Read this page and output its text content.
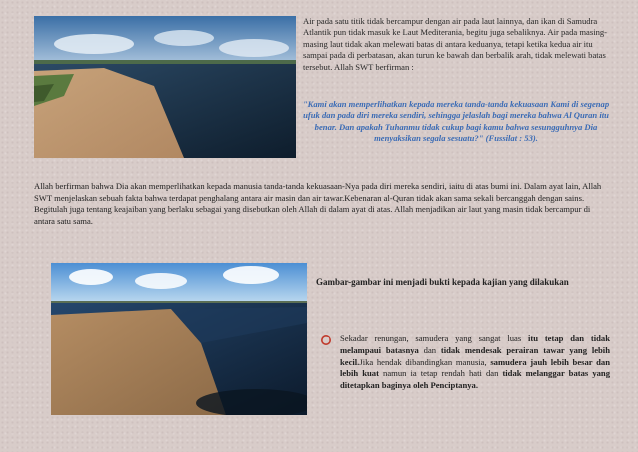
Air pada satu titik tidak bercampur dengan air pada laut lainnya, dan ikan di Samudra Atlantik pun tidak masuk ke Laut Mediterania, begitu juga sebaliknya. Air pada masing-masing laut tidak akan melewati batas di antara keduanya, tetapi ketika kedua air itu sampai pada di perbatasan, akan turun ke bawah dan berbalik arah, tidak melewati batas tersebut. Allah SWT berfirman :
"Kami akan memperlihatkan kepada mereka tanda-tanda kekuasaan Kami di segenap ufuk dan pada diri mereka sendiri, sehingga jelaslah bagi mereka bahwa Al Quran itu benar. Dan apakah Tuhanmu tidak cukup bagi kamu bahwa sesungguhnya Dia menyaksikan segala sesuatu?" (Fussilat : 53).
Allah berfirman bahwa Dia akan memperlihatkan kepada manusia tanda-tanda kekuasaan-Nya pada diri mereka sendiri, iaitu di atas bumi ini. Dalam ayat lain, Allah SWT menjelaskan sebuah fakta bahwa terdapat penghalang antara air masin dan air tawar.Kebenaran al-Quran tidak akan sama sekali bercanggah dengan sains. Begitulah juga tentang keajaiban yang berlaku sebagai yang disebutkan oleh Allah di dalam ayat di atas. Allah menjadikan air laut yang masin tidak bercampur di antara satu sama.
Gambar-gambar ini menjadi bukti kepada kajian yang dilakukan
Sekadar renungan, samudera yang sangat luas itu tetap dan tidak melampaui batasnya dan tidak mendesak perairan tawar yang lebih kecil.Jika hendak dibandingkan manusia, samudera jauh lebih besar dan lebih kuat namun ia tetap rendah hati dan tidak melanggar batas yang ditetapkan baginya oleh Penciptanya.
